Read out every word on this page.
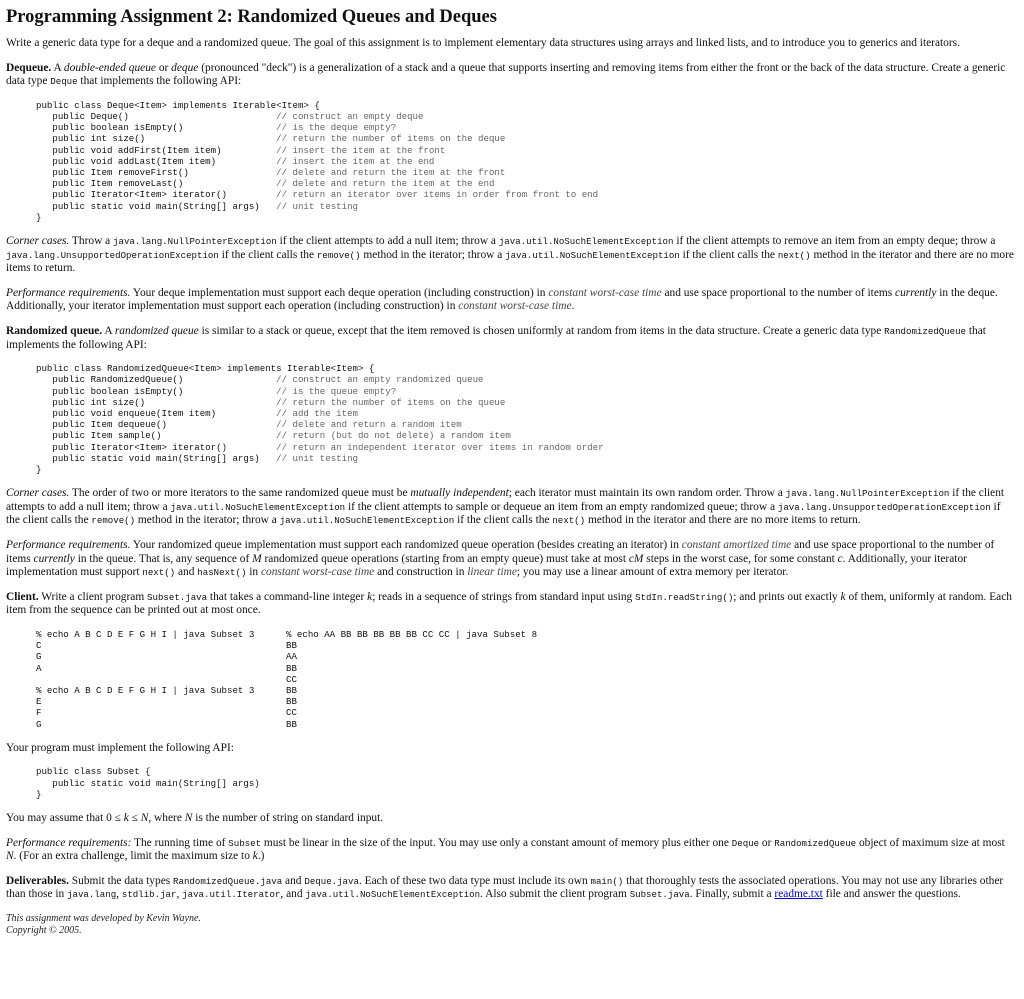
Programming Assignment 2: Randomized Queues and Deques

Write a generic data type for a deque and a randomized queue. The goal of this assignment is to implement elementary data structures using arrays and linked lists, and to introduce you to generics and iterators.

Dequeue. A double-ended queue or deque (pronounced "deck") is a generalization of a stack and a queue that supports inserting and removing items from either the front or the back of the data structure. Create a generic data type Deque that implements the following API:

public class Deque<Item> implements Iterable<Item> {
public Deque()	// construct an empty deque
public boolean isEmpty()	// is the deque empty?
public int size()	// return the number of items on the deque
public void addFirst(Item item)	// insert the item at the front
public void addLast(Item item)	// insert the item at the end
public Item removeFirst()	// delete and return the item at the front
public Item removeLast()	// delete and return the item at the end
public Iterator<Item> iterator()	// return an iterator over items in order from front to end
public static void main(String[] args) // unit testing
}

Corner cases. Throw a java.lang.NullPointerException if the client attempts to add a null item; throw a java.util.NoSuchElementException if the client attempts to remove an item from an empty deque; throw a java.lang.UnsupportedOperationException if the client calls the remove() method in the iterator; throw a java.util.NoSuchElementException if the client calls the next() method in the iterator and there are no more items to return.

Performance requirements. Your deque implementation must support each deque operation (including construction) in constant worst-case time and use space proportional to the number of items currently in the deque. Additionally, your iterator implementation must support each operation (including construction) in constant worst-case time.

Randomized queue. A randomized queue is similar to a stack or queue, except that the item removed is chosen uniformly at random from items in the data structure. Create a generic data type RandomizedQueue that implements the following API:

public class RandomizedQueue<Item> implements Iterable<Item> {
public RandomizedQueue()	// construct an empty randomized queue
public boolean isEmpty()	// is the queue empty?
public int size()	// return the number of items on the queue
public void enqueue(Item item)	// add the item
public Item dequeue()	// delete and return a random item
public Item sample()	// return (but do not delete) a random item
public Iterator<Item> iterator()	// return an independent iterator over items in random order
public static void main(String[] args) // unit testing
}

Corner cases. The order of two or more iterators to the same randomized queue must be mutually independent; each iterator must maintain its own random order. Throw a java.lang.NullPointerException if the client attempts to add a null item; throw a java.util.NoSuchElementException if the client attempts to sample or dequeue an item from an empty randomized queue; throw a java.lang.UnsupportedOperationException if the client calls the remove() method in the iterator; throw a java.util.NoSuchElementException if the client calls the next() method in the iterator and there are no more items to return.

Performance requirements. Your randomized queue implementation must support each randomized queue operation (besides creating an iterator) in constant amortized time and use space proportional to the number of items currently in the queue. That is, any sequence of M randomized queue operations (starting from an empty queue) must take at most cM steps in the worst case, for some constant c. Additionally, your iterator implementation must support next() and hasNext() in constant worst-case time and construction in linear time; you may use a linear amount of extra memory per iterator.

Client. Write a client program Subset.java that takes a command-line integer k; reads in a sequence of strings from standard input using StdIn.readString(); and prints out exactly k of them, uniformly at random. Each item from the sequence can be printed out at most once.

% echo A B C D E F G H I | java Subset 3
C
G
A

% echo A B C D E F G H I | java Subset 3
E
F
G
% echo AA BB BB BB BB BB CC CC | java Subset 8
BB
AA
BB
CC
BB
BB
CC
BB

Your program must implement the following API:

public class Subset {
public static void main(String[] args)
}

You may assume that 0 ≤ k ≤ N, where N is the number of string on standard input.

Performance requirements: The running time of Subset must be linear in the size of the input. You may use only a constant amount of memory plus either one Deque or RandomizedQueue object of maximum size at most N. (For an extra challenge, limit the maximum size to k.)

Deliverables. Submit the data types RandomizedQueue.java and Deque.java. Each of these two data type must include its own main() that thoroughly tests the associated operations. You may not use any libraries other than those in java.lang, stdlib.jar, java.util.Iterator, and java.util.NoSuchElementException. Also submit the client program Subset.java. Finally, submit a readme.txt file and answer the questions.

This assignment was developed by Kevin Wayne.
Copyright © 2005.
